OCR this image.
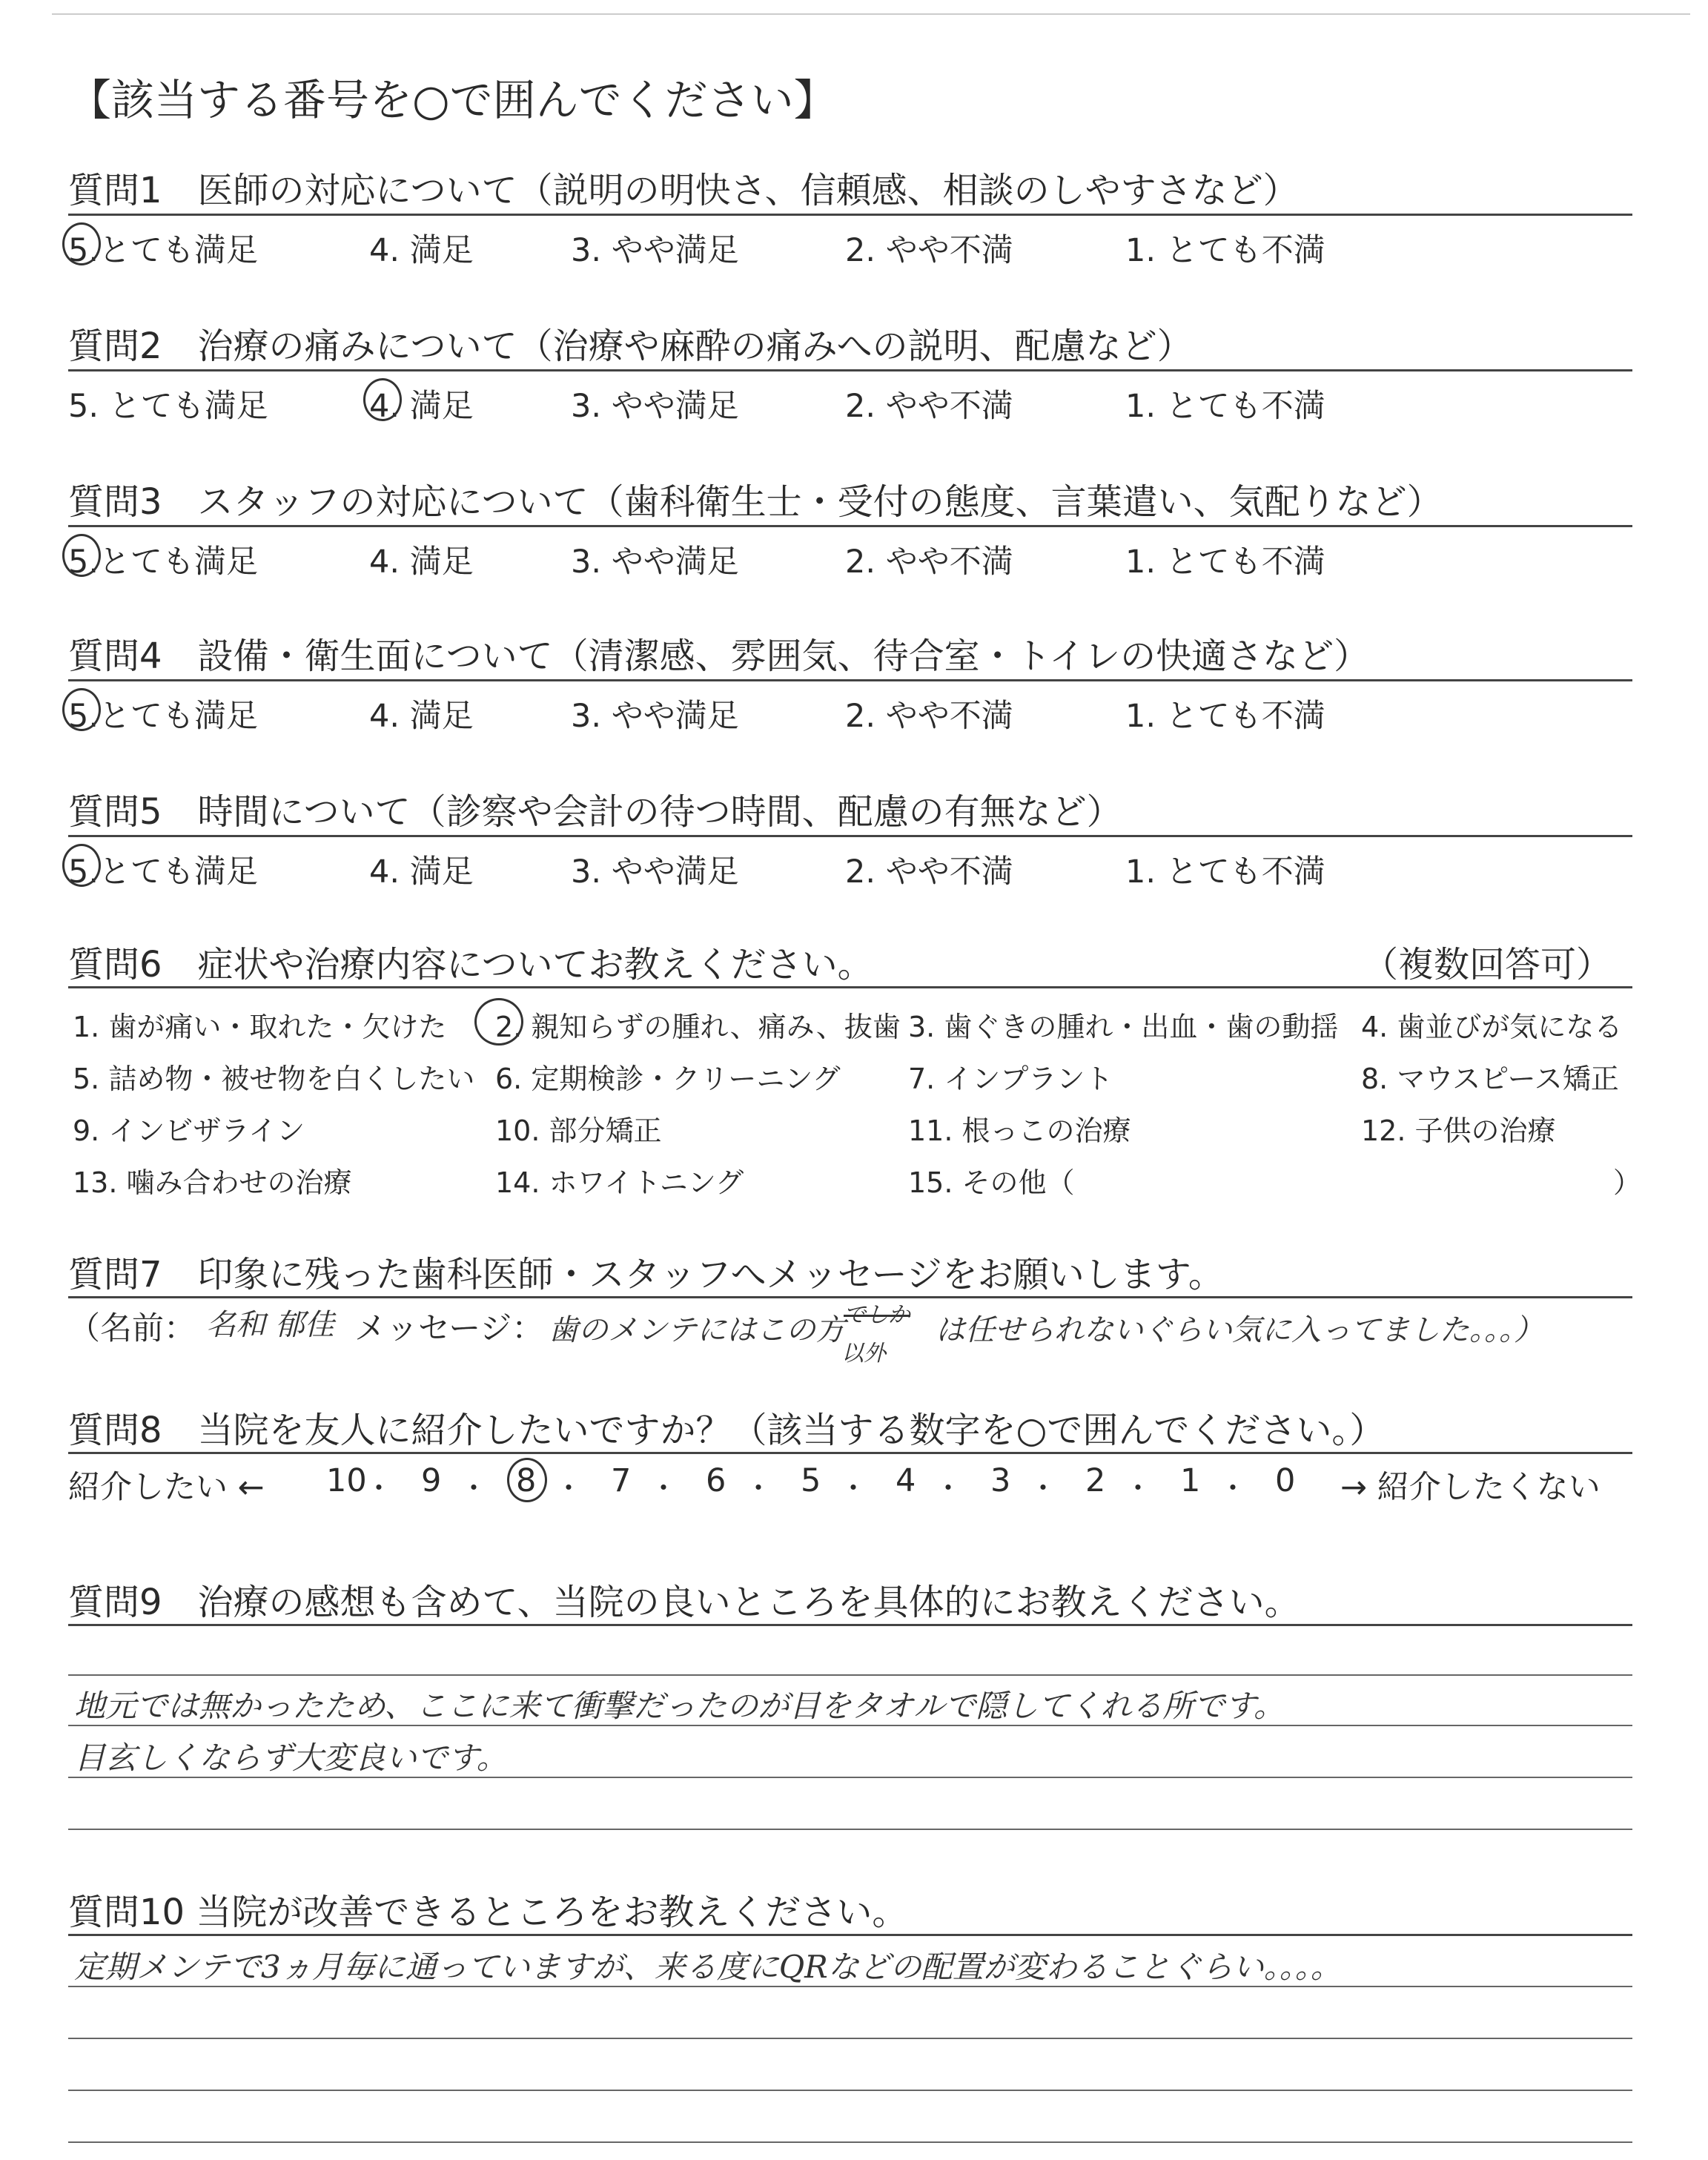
【該当する番号を○で囲んでください】
質問1　医師の対応について（説明の明快さ、信頼感、相談のしやすさなど）
5.とても満足	4. 満足	3. やや満足	2. やや不満	1. とても不満
質問2　治療の痛みについて（治療や麻酔の痛みへの説明、配慮など）
5. とても満足	4. 満足	3. やや満足	2. やや不満	1. とても不満
質問3　スタッフの対応について（歯科衛生士・受付の態度、言葉遣い、気配りなど）
5.とても満足	4. 満足	3. やや満足	2. やや不満	1. とても不満
質問4　設備・衛生面について（清潔感、雰囲気、待合室・トイレの快適さなど）
5.とても満足	4. 満足	3. やや満足	2. やや不満	1. とても不満
質問5　時間について（診察や会計の待つ時間、配慮の有無など）
5.とても満足	4. 満足	3. やや満足	2. やや不満	1. とても不満
質問6　症状や治療内容についてお教えください。	（複数回答可）
1. 歯が痛い・取れた・欠けた 2. 親知らずの腫れ、痛み、抜歯 3. 歯ぐきの腫れ・出血・歯の動揺 4. 歯並びが気になる
5. 詰め物・被せ物を白くしたい 6. 定期検診・クリーニング 7. インプラント	8. マウスピース矯正
9. インビザライン	10. 部分矯正	11. 根っこの治療	12. 子供の治療
13. 噛み合わせの治療	14. ホワイトニング	15. その他（	）
質問7　印象に残った歯科医師・スタッフへメッセージをお願いします。
（名前： 名和 郁佳 メッセージ： 歯のメンテにはこの方
でしか
以外
は任せられないぐらい気に入ってました。。。）
質問8　当院を友人に紹介したいですか？（該当する数字を○で囲んでください。）
紹介したい ←	→ 紹介したくない
10
・ 9 ・ 8 ・ 7 ・ 6 ・ 5 ・ 4 ・ 3 ・ 2 ・ 1 ・ 0
質問9　治療の感想も含めて、当院の良いところを具体的にお教えください。
地元では無かったため、ここに来て衝撃だったのが目をタオルで隠してくれる所です。
目玄しくならず大変良いです。
質問10 当院が改善できるところをお教えください。
定期メンテで3ヵ月毎に通っていますが、来る度にQRなどの配置が変わることぐらい。。。。
